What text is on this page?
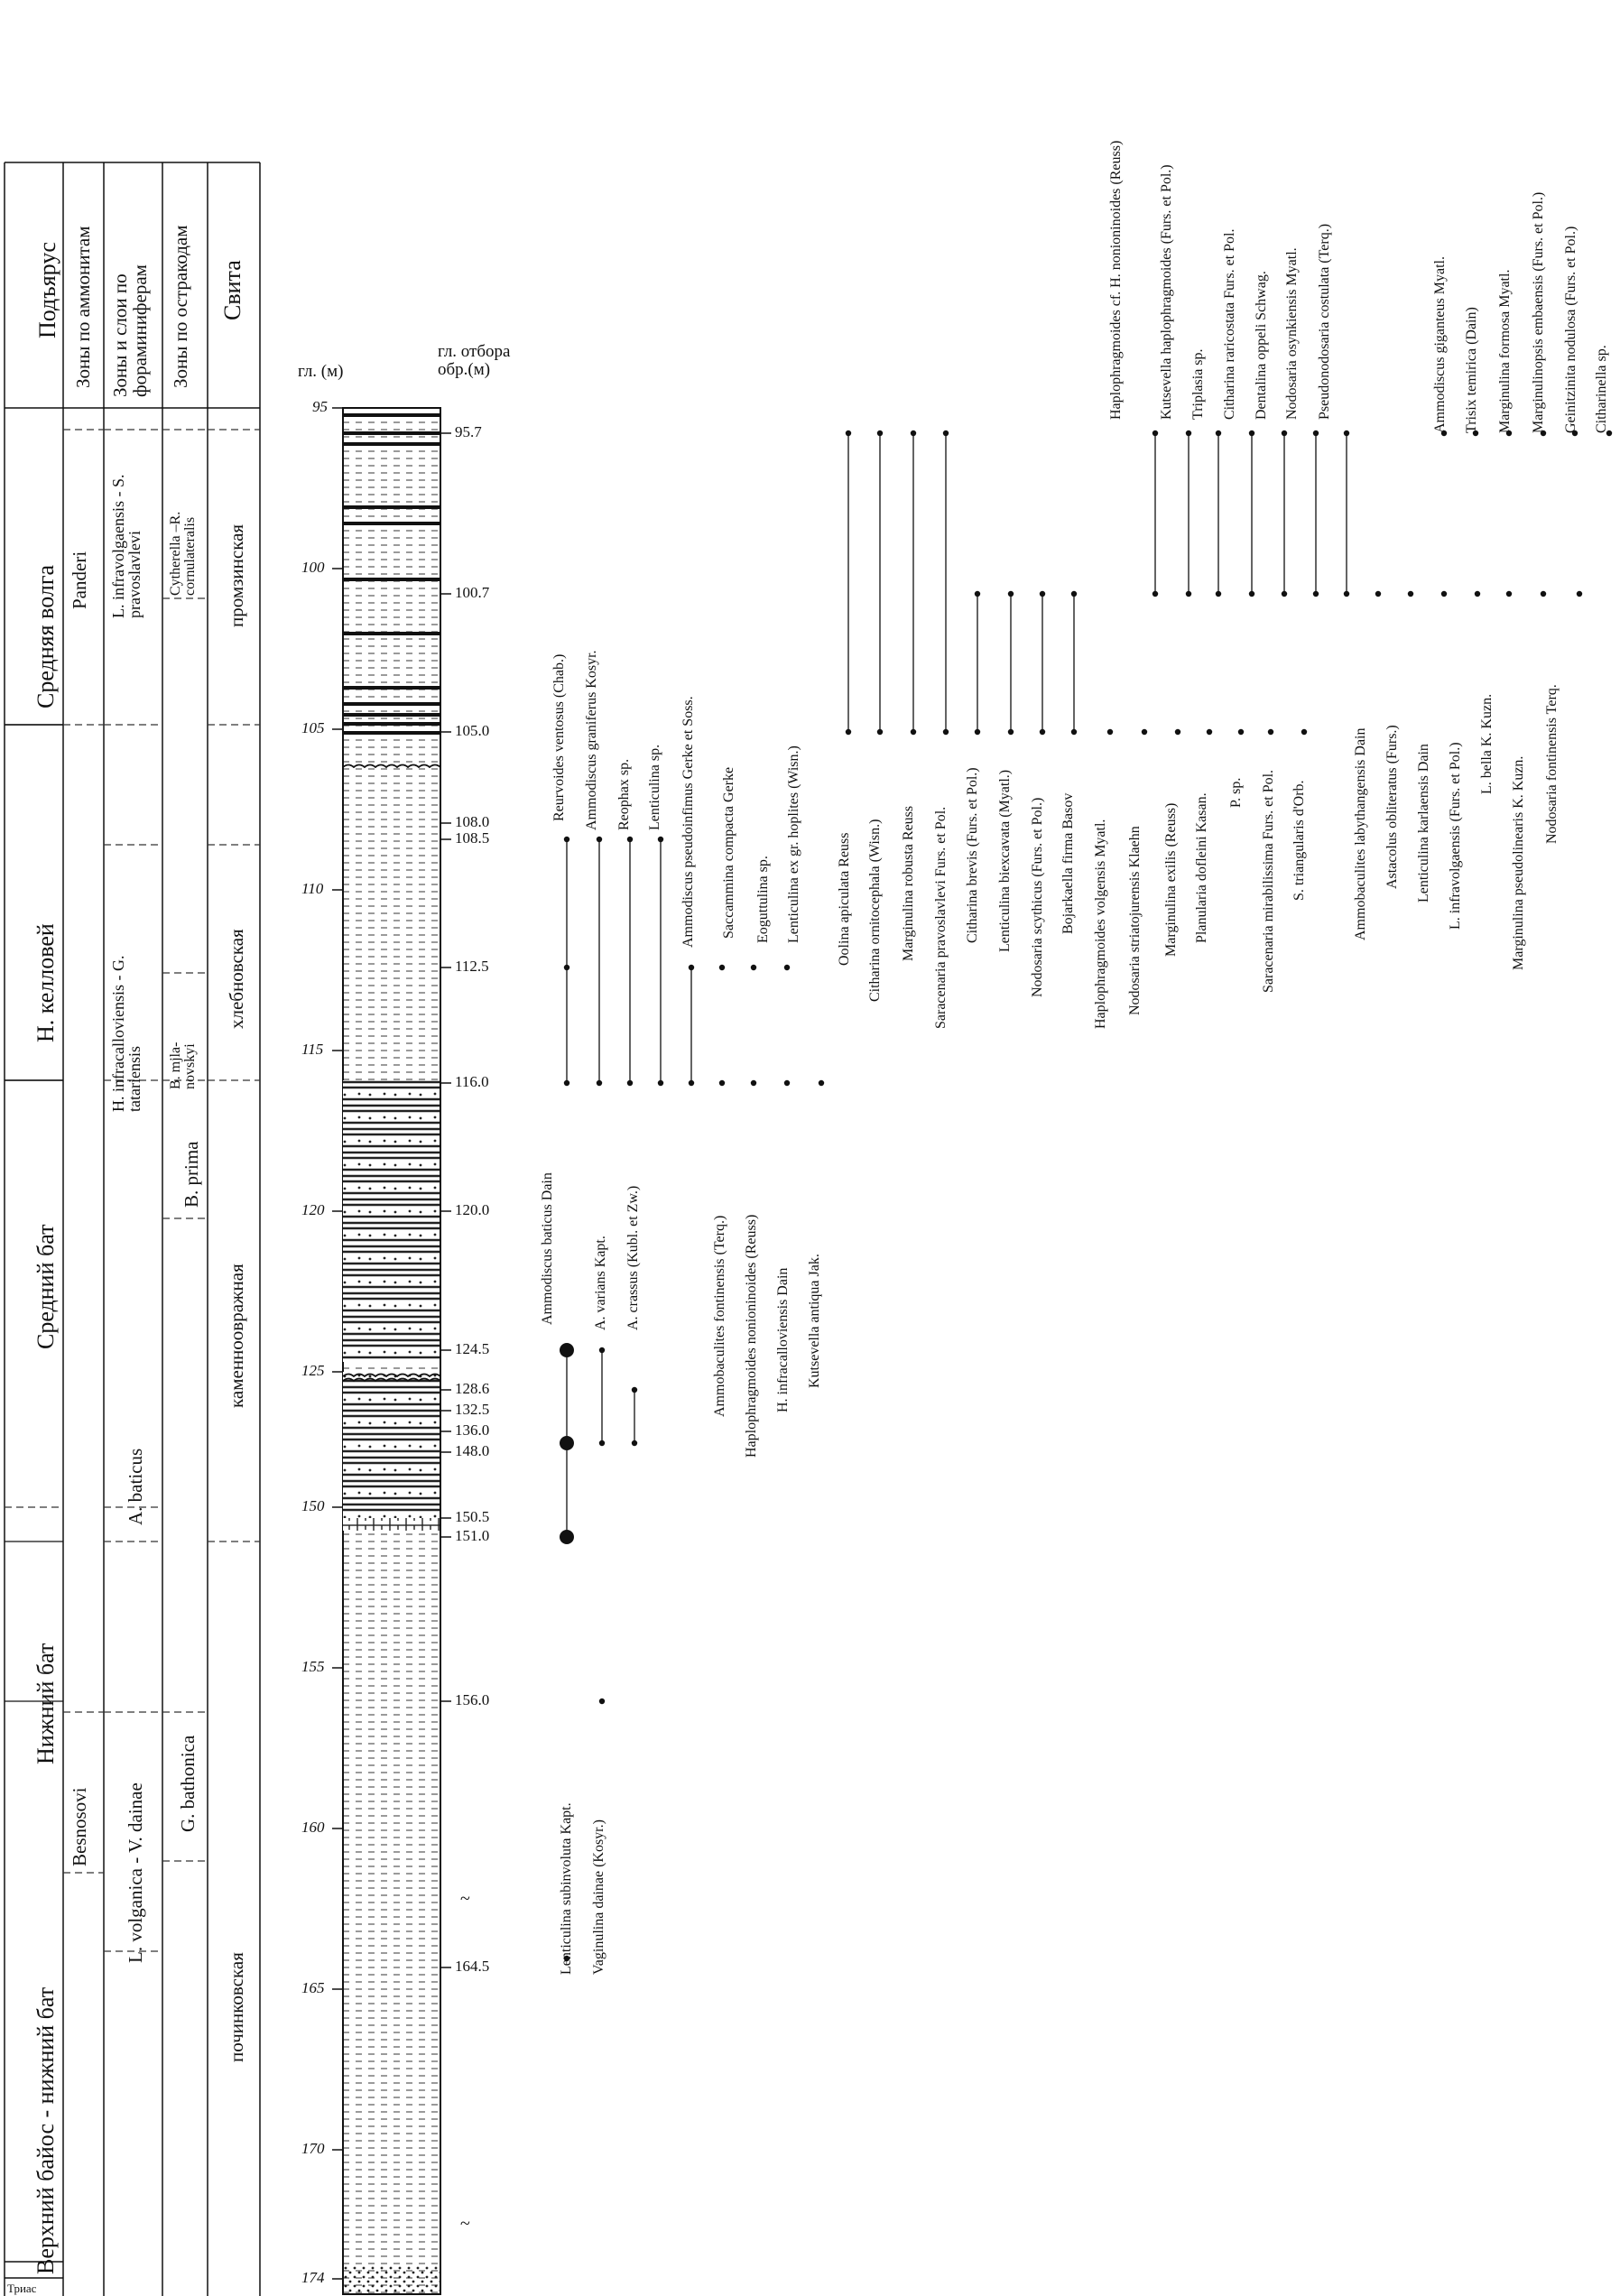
~
~
Подъярус Зоны по аммонитам Зоны и слои по фораминиферам Зоны по остракодам Свита
Средняя волга
Н. келловей
Средний бат
Нижний бат
Верхний байос - нижний бат
Триас
Panderi
Besnosovi
L. infravolgaensis - S. pravoslavlevi
H. infracalloviensis - G. tatariensis
A. baticus
L. volganica - V. dainae
Cytherella –R. cornulateralis
B. mjla- novskyi
B. prima
G. bathonica
промзинская
хлебновская
каменноовражная
починковская
гл. (м)
гл. отбора обр.(м)
95
100
105
110
115
120
125
150
155
160
165
170
174
95.7
100.7
105.0
108.0
108.5
112.5
116.0
120.0
124.5
128.6
132.5
136.0
148.0
150.5
151.0
156.0
164.5
Ammodiscus baticus Dain	A. varians Kapt. A. crassus (Kubl. et Zw.)
Lenticulina subinvoluta Kapt. Vaginulina dainae (Kosyr.)
Reurvoides ventosus (Chab.) Ammodiscus graniferus Kosyr. Reophax sp. Lenticulina sp. Ammodiscus pseudoinfimus Gerke et Soss.
Ammobaculites fontinensis (Terq.) Haplophragmoides nonioninoides (Reuss) H. infracalloviensis Dain Kutsevella antiqua Jak.
Saccammina compacta Gerke Eoguttulina sp. Lenticulina ex gr. hoplites (Wisn.) Oolina apiculata Reuss Citharina ornitocephala (Wisn.) Marginulina robusta Reuss Saracenaria pravoslavlevi Furs. et Pol. Citharina brevis (Furs. et Pol.) Lenticulina biexcavata (Myatl.) Nodosaria scythicus (Furs. et Pol.) Bojarkaella firma Basov Haplophragmoides volgensis Myatl. Nodosaria striatojurensis Klaehn Marginulina exilis (Reuss) Planularia dofleini Kasan.
P. sp. Saracenaria mirabilissima Furs. et Pol. S. triangularis d'Orb.
Haplophragmoides cf. H. nonioninoides (Reuss) Kutsevella haplophragmoides (Furs. et Pol.) Triplasia sp. Citharina raricostata Furs. et Pol. Dentalina oppeli Schwag. Nodosaria osynkiensis Myatl. Pseudonodosaria costulata (Terq.)
Ammobaculites labythangensis Dain Astacolus obliteratus (Furs.) Lenticulina karlaensis Dain L. infravolgaensis (Furs. et Pol.) L. bella K. Kuzn.
Marginulina pseudolinearis K. Kuzn. Nodosaria fontinensis Terq.
Ammodiscus giganteus Myatl. Trisix temirica (Dain) Marginulina formosa Myatl. Marginulinopsis embaensis (Furs. et Pol.) Geinitzinita nodulosa (Furs. et Pol.) Citharinella sp.
